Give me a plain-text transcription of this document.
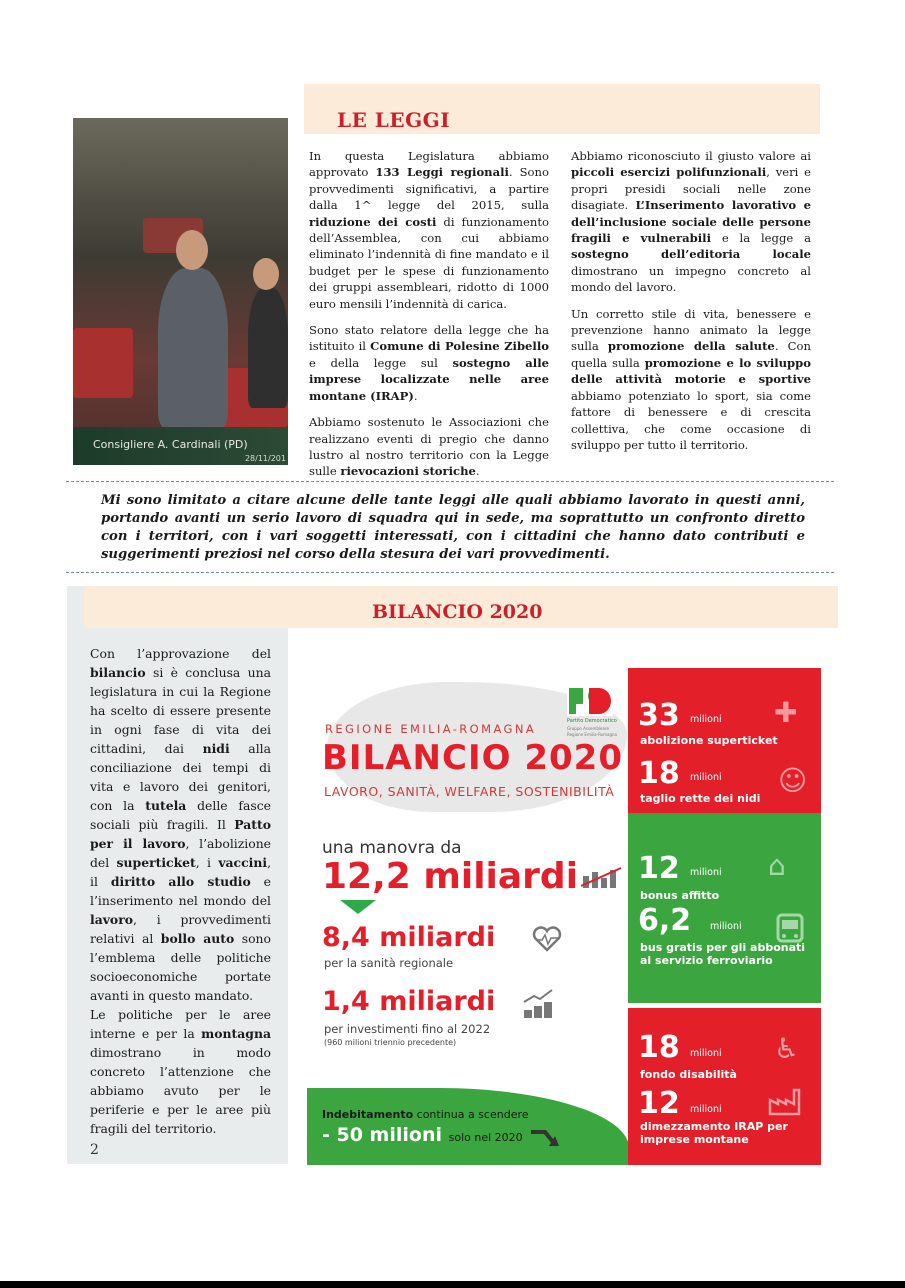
LE LEGGI
Consigliere A. Cardinali (PD)
28/11/201

In questa Legislatura abbiamo approvato 133 Leggi regionali. Sono provvedimenti significativi, a partire dalla 1^ legge del 2015, sulla riduzione dei costi di funzionamento dell’Assemblea, con cui abbiamo eliminato l’indennità di fine mandato e il budget per le spese di funzionamento dei gruppi assembleari, ridotto di 1000 euro mensili l’indennità di carica.

Sono stato relatore della legge che ha istituito il Comune di Polesine Zibello e della legge sul sostegno alle imprese localizzate nelle aree montane (IRAP).

Abbiamo sostenuto le Associazioni che realizzano eventi di pregio che danno lustro al nostro territorio con la Legge sulle rievocazioni storiche.

Abbiamo riconosciuto il giusto valore ai piccoli esercizi polifunzionali, veri e propri presidi sociali nelle zone disagiate. L’Inserimento lavorativo e dell’inclusione sociale delle persone fragili e vulnerabili e la legge a sostegno dell’editoria locale dimostrano un impegno concreto al mondo del lavoro.

Un corretto stile di vita, benessere e prevenzione hanno animato la legge sulla promozione della salute. Con quella sulla promozione e lo sviluppo delle attività motorie e sportive abbiamo potenziato lo sport, sia come fattore di benessere e di crescita collettiva, che come occasione di sviluppo per tutto il territorio.

Mi sono limitato a citare alcune delle tante leggi alle quali abbiamo lavorato in questi anni, portando avanti un serio lavoro di squadra qui in sede, ma soprattutto un confronto diretto con i territori, con i vari soggetti interessati, con i cittadini che hanno dato contributi e suggerimenti preziosi nel corso della stesura dei vari provvedimenti.
BILANCIO 2020

Con l’approvazione del bilancio si è conclusa una legislatura in cui la Regione ha scelto di essere presente in ogni fase di vita dei cittadini, dai nidi alla conciliazione dei tempi di vita e lavoro dei genitori, con la tutela delle fasce sociali più fragili. Il Patto per il lavoro, l’abolizione del superticket, i vaccini, il diritto allo studio e l’inserimento nel mondo del lavoro, i provvedimenti relativi al bollo auto sono l’emblema delle politiche socioeconomiche portate avanti in questo mandato.

Le politiche per le aree interne e per la montagna dimostrano in modo concreto l’attenzione che abbiamo avuto per le periferie e per le aree più fragili del territorio.

2
REGIONE EMILIA-ROMAGNA
BILANCIO 2020
LAVORO, SANITÀ, WELFARE, SOSTENIBILITÀ
Partito Democratico
Gruppo Assembleare Regione Emilia-Romagna
una manovra da
12,2 miliardi
8,4 miliardi
per la sanità regionale
1,4 miliardi
per investimenti fino al 2022
(960 milioni triennio precedente)
Indebitamento continua a scendere
- 50 milioni solo nel 2020
33 milioni
abolizione superticket
✚
18 milioni
taglio rette dei nidi
☺
12 milioni
bonus affitto
⌂
6,2 milioni
bus gratis per gli abbonati al servizio ferroviario
18 milioni
fondo disabilità
♿
12 milioni
dimezzamento IRAP per imprese montane
